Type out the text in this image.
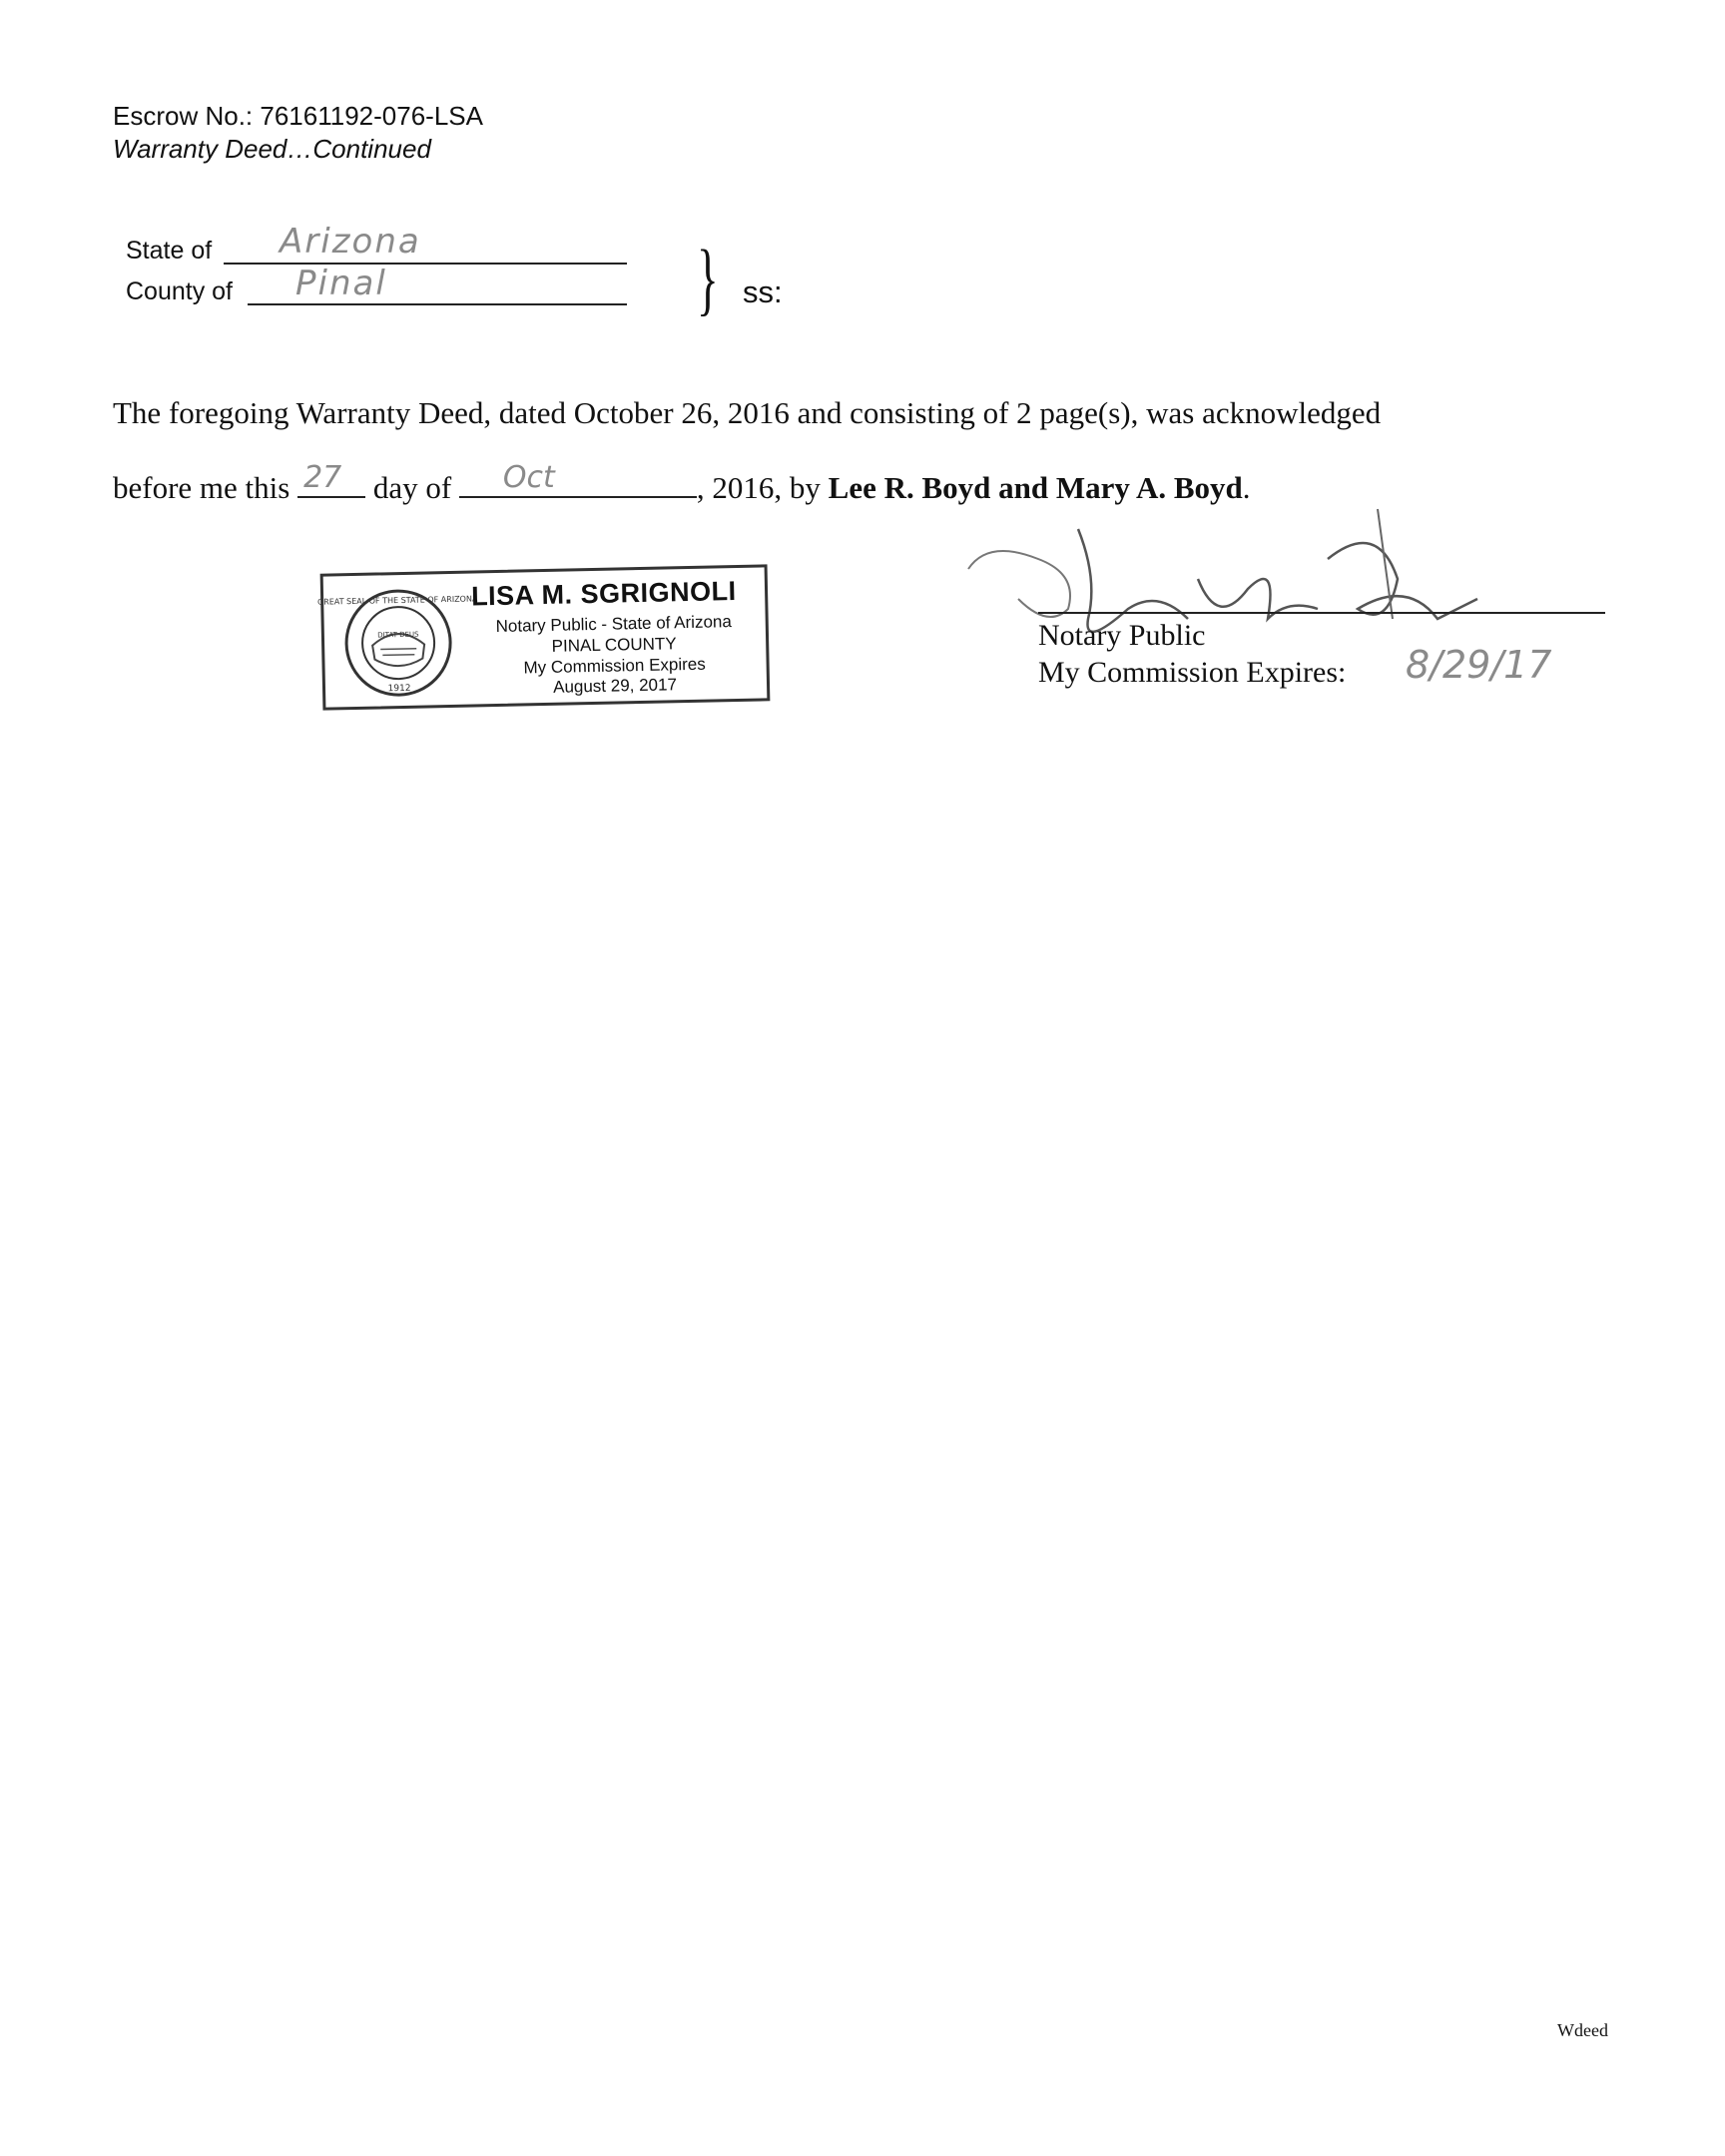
Escrow No.: 76161192-076-LSA
Warranty Deed…Continued
State of Arizona
County of Pinal	} ss:
The foregoing Warranty Deed, dated October 26, 2016 and consisting of 2 page(s), was acknowledged
before me this 27 day of Oct	, 2016, by Lee R. Boyd and Mary A. Boyd.
GREAT SEAL OF THE STATE OF ARIZONA
DITAT DEUS
1912
LISA M. SGRIGNOLI
Notary Public - State of Arizona
PINAL COUNTY
My Commission Expires
August 29, 2017
Notary Public
My Commission Expires: 8/29/17
Wdeed
